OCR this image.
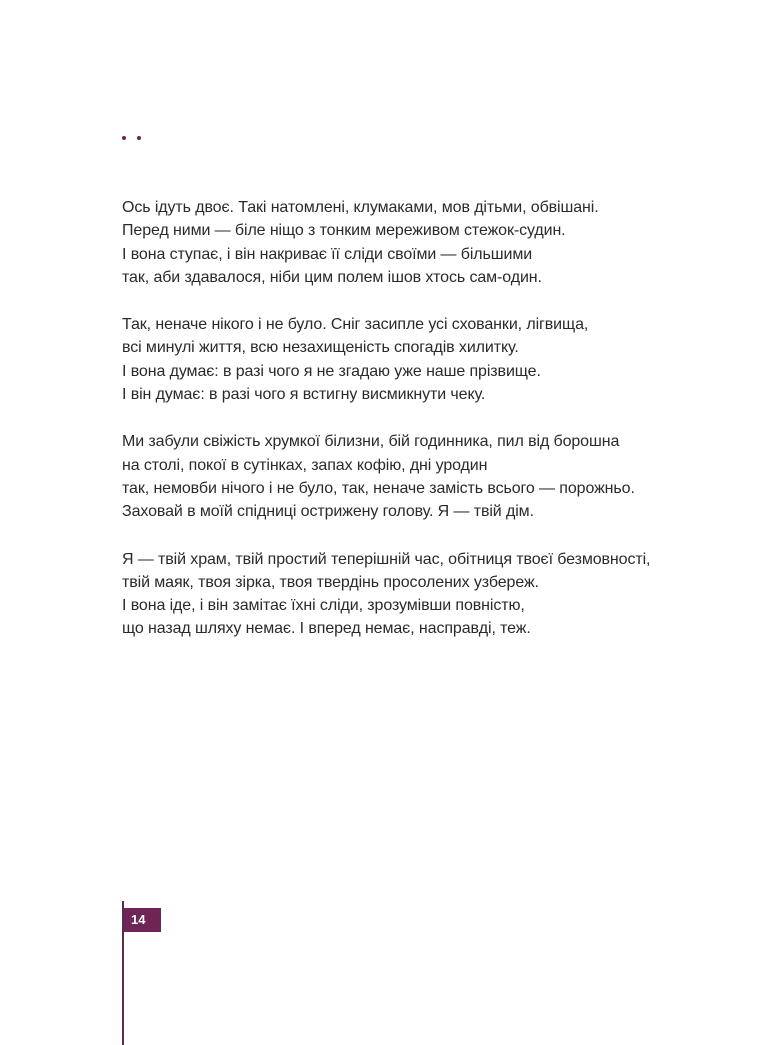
Ось ідуть двоє. Такі натомлені, клумаками, мов дітьми, обвішані.
Перед ними — біле ніщо з тонким мереживом стежок-судин.
І вона ступає, і він накриває її сліди своїми — більшими
так, аби здавалося, ніби цим полем ішов хтось сам-один.
Так, неначе нікого і не було. Сніг засипле усі схованки, лігвища,
всі минулі життя, всю незахищеність спогадів хилитку.
І вона думає: в разі чого я не згадаю уже наше прізвище.
І він думає: в разі чого я встигну висмикнути чеку.
Ми забули свіжість хрумкої білизни, бій годинника, пил від борошна
на столі, покої в сутінках, запах кофію, дні уродин
так, немовби нічого і не було, так, неначе замість всього — порожньо.
Заховай в моїй спідниці острижену голову. Я — твій дім.
Я — твій храм, твій простий теперішній час, обітниця твоєї безмовності,
твій маяк, твоя зірка, твоя твердінь просолених узбереж.
І вона іде, і він замітає їхні сліди, зрозумівши повністю,
що назад шляху немає. І вперед немає, насправді, теж.
14
